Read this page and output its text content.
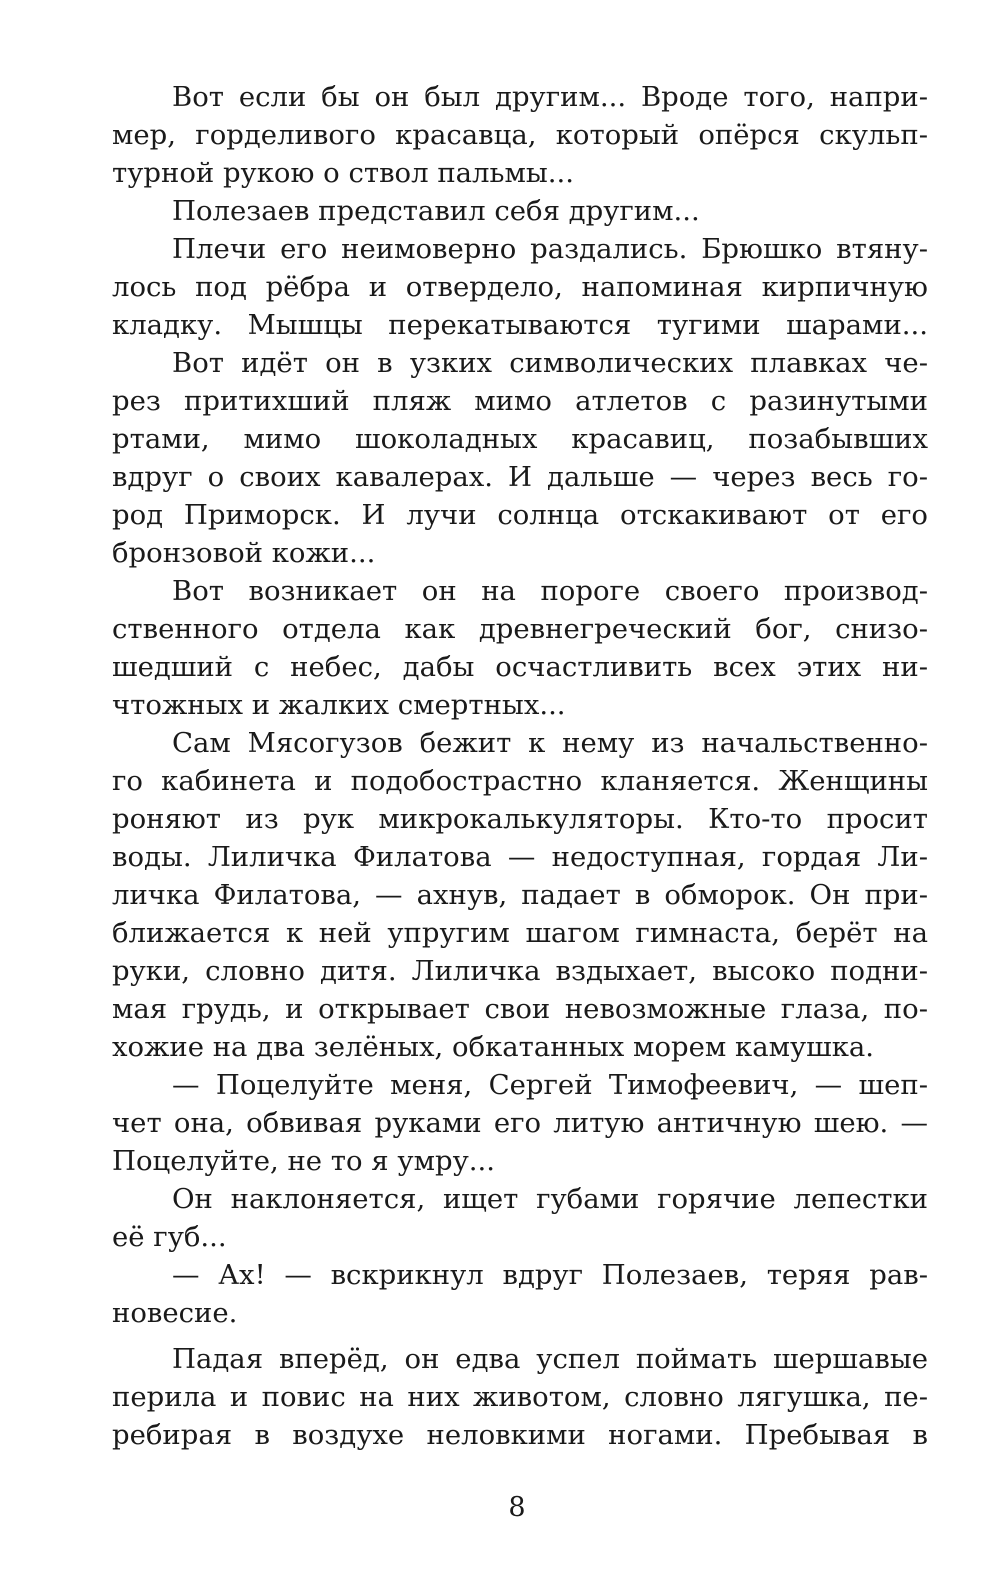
Вот если бы он был другим... Вроде того, напри-
мер, горделивого красавца, который опёрся скульп-
турной рукою о ствол пальмы...
Полезаев представил себя другим...
Плечи его неимоверно раздались. Брюшко втяну-
лось под рёбра и отвердело, напоминая кирпичную
кладку. Мышцы перекатываются тугими шарами...
Вот идёт он в узких символических плавках че-
рез притихший пляж мимо атлетов с разинутыми
ртами, мимо шоколадных красавиц, позабывших
вдруг о своих кавалерах. И дальше — через весь го-
род Приморск. И лучи солнца отскакивают от его
бронзовой кожи...
Вот возникает он на пороге своего производ-
ственного отдела как древнегреческий бог, снизо-
шедший с небес, дабы осчастливить всех этих ни-
чтожных и жалких смертных...
Сам Мясогузов бежит к нему из начальственно-
го кабинета и подобострастно кланяется. Женщины
роняют из рук микрокалькуляторы. Кто-то просит
воды. Лиличка Филатова — недоступная, гордая Ли-
личка Филатова, — ахнув, падает в обморок. Он при-
ближается к ней упругим шагом гимнаста, берёт на
руки, словно дитя. Лиличка вздыхает, высоко подни-
мая грудь, и открывает свои невозможные глаза, по-
хожие на два зелёных, обкатанных морем камушка.
— Поцелуйте меня, Сергей Тимофеевич, — шеп-
чет она, обвивая руками его литую античную шею. —
Поцелуйте, не то я умру...
Он наклоняется, ищет губами горячие лепестки
её губ...
— Ах! — вскрикнул вдруг Полезаев, теряя рав-
новесие.
Падая вперёд, он едва успел поймать шершавые
перила и повис на них животом, словно лягушка, пе-
ребирая в воздухе неловкими ногами. Пребывая в
8
